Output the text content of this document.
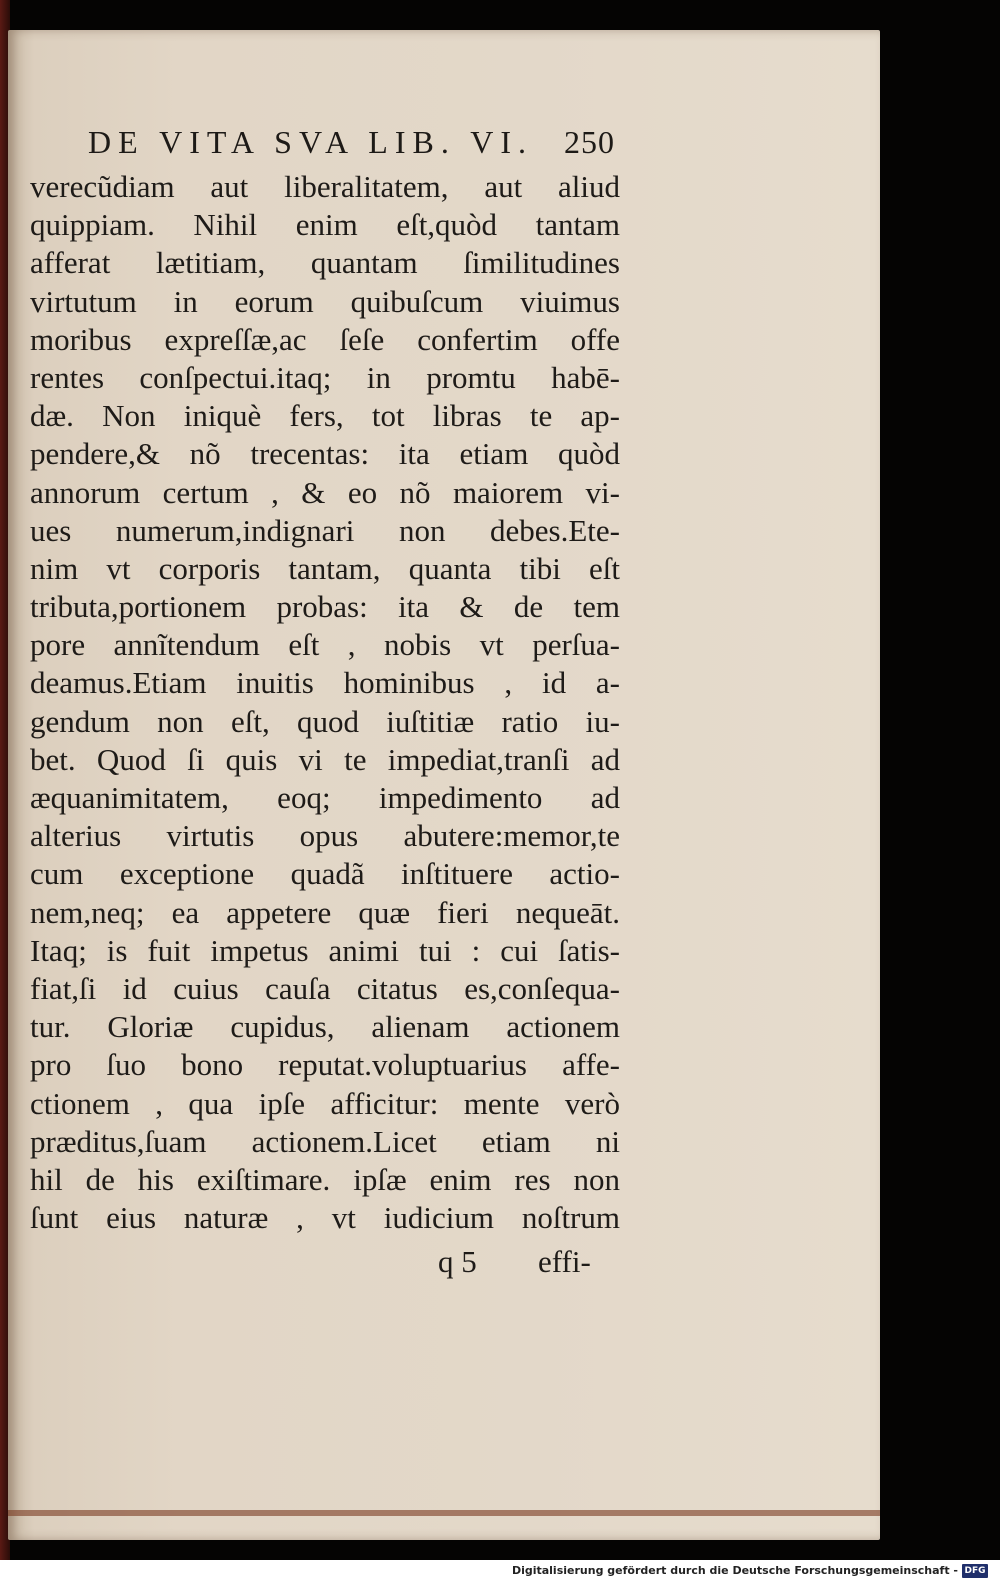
DE VITA SVA LIB. VI. 250
verecũdiam aut liberalitatem, aut aliud
quippiam. Nihil enim eſt,quòd tantam
afferat lætitiam, quantam ſimilitudines
virtutum in eorum quibuſcum viuimus
moribus expreſſæ,ac ſeſe confertim offe
rentes conſpectui.itaq; in promtu habē-
dæ. Non iniquè fers, tot libras te ap-
pendere,& nõ trecentas: ita etiam quòd
annorum certum , & eo nõ maiorem vi-
ues numerum,indignari non debes.Ete-
nim vt corporis tantam, quanta tibi eſt
tributa,portionem probas: ita & de tem
pore annĩtendum eſt , nobis vt perſua-
deamus.Etiam inuitis hominibus , id a-
gendum non eſt, quod iuſtitiæ ratio iu-
bet. Quod ſi quis vi te impediat,tranſi ad
æquanimitatem, eoq; impedimento ad
alterius virtutis opus abutere:memor,te
cum exceptione quadã inſtituere actio-
nem,neq; ea appetere quæ fieri nequeāt.
Itaq; is fuit impetus animi tui : cui ſatis-
fiat,ſi id cuius cauſa citatus es,conſequa-
tur. Gloriæ cupidus, alienam actionem
pro ſuo bono reputat.voluptuarius affe-
ctionem , qua ipſe afficitur: mente verò
præditus,ſuam actionem.Licet etiam ni
hil de his exiſtimare. ipſæ enim res non
ſunt eius naturæ , vt iudicium noſtrum
q 5 effi-
Digitalisierung gefördert durch die Deutsche Forschungsgemeinschaft - DFG
